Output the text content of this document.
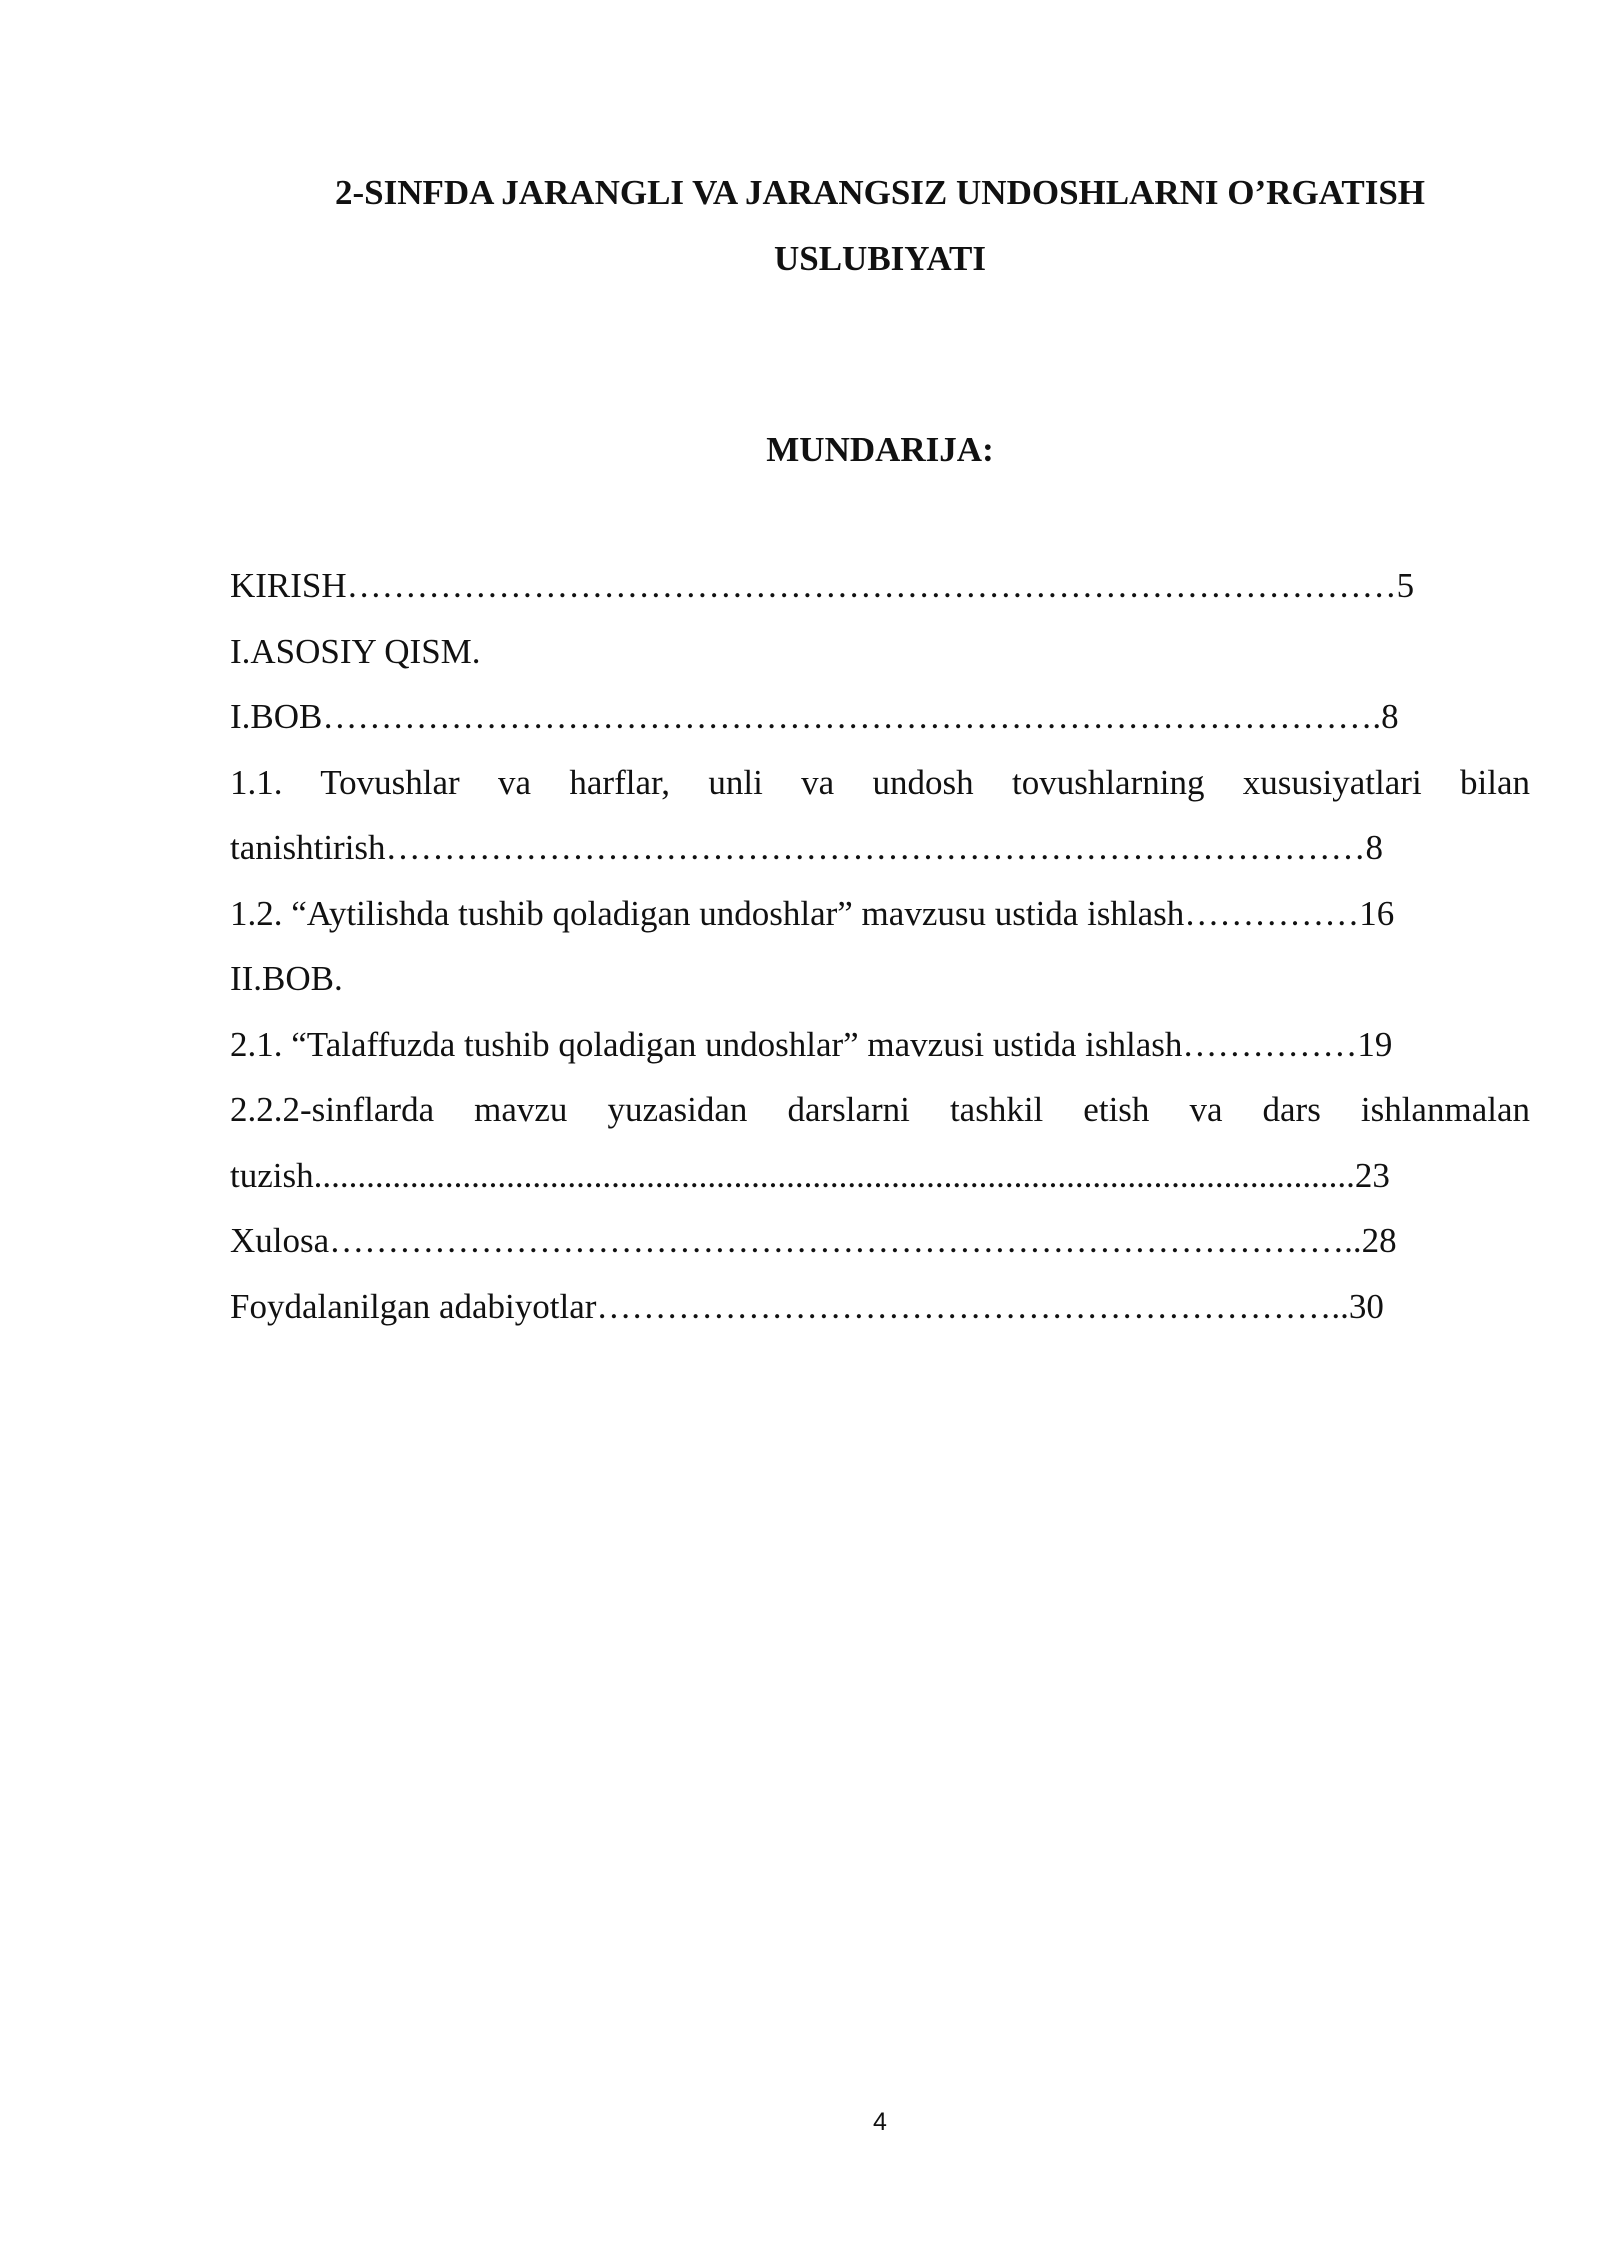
2-SINFDA JARANGLI VA JARANGSIZ UNDOSHLARNI O’RGATISH
USLUBIYATI
MUNDARIJA:
KIRISH………………………………………………………………………………5
I.ASOSIY QISM.
I.BOB……………………………………………………………………………….8
1.1. Tovushlar va harflar, unli va undosh tovushlarning xususiyatlari bilan
tanishtirish…………………………………………………………………………8
1.2. “Aytilishda tushib qoladigan undoshlar” mavzusu ustida ishlash……………16
II.BOB.
2.1. “Talaffuzda tushib qoladigan undoshlar” mavzusi ustida ishlash……………19
2.2.2-sinflarda mavzu yuzasidan darslarni tashkil etish va dars ishlanmalan
tuzish.......................................................................................................................23
Xulosa……………………………………………………………………………..28
Foydalanilgan adabiyotlar………………………………………………………..30
4
